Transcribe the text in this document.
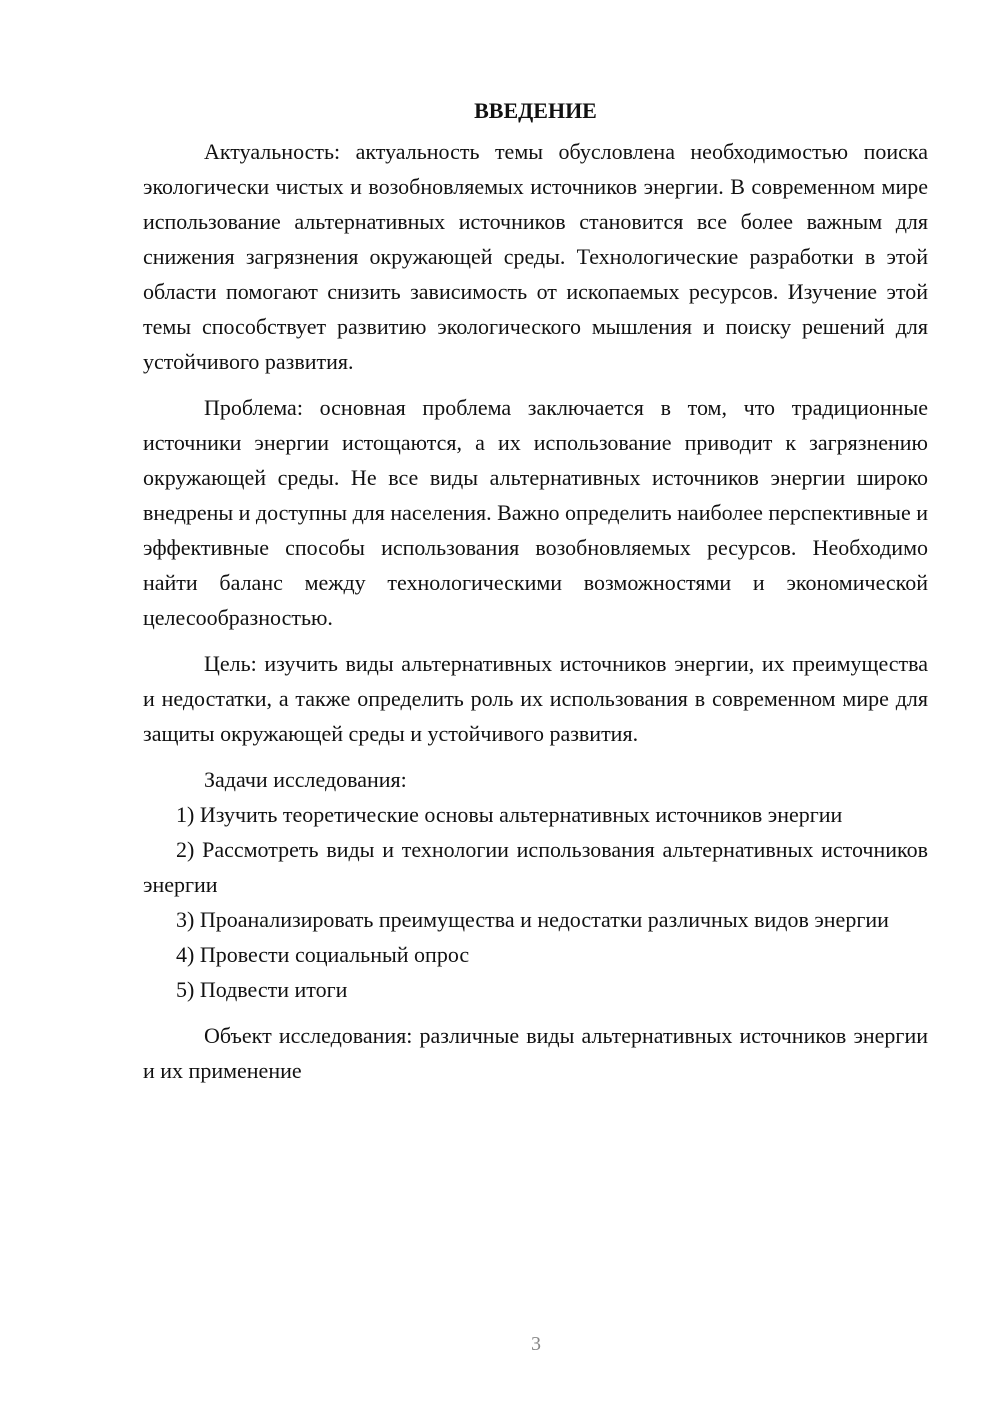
ВВЕДЕНИЕ

Актуальность: актуальность темы обусловлена необходимостью поиска экологически чистых и возобновляемых источников энергии. В современном мире использование альтернативных источников становится все более важным для снижения загрязнения окружающей среды. Технологические разработки в этой области помогают снизить зависимость от ископаемых ресурсов. Изучение этой темы способствует развитию экологического мышления и поиску решений для устойчивого развития.

Проблема: основная проблема заключается в том, что традиционные источники энергии истощаются, а их использование приводит к загрязнению окружающей среды. Не все виды альтернативных источников энергии широко внедрены и доступны для населения. Важно определить наиболее перспективные и эффективные способы использования возобновляемых ресурсов. Необходимо найти баланс между технологическими возможностями и экономической целесообразностью.

Цель: изучить виды альтернативных источников энергии, их преимущества и недостатки, а также определить роль их использования в современном мире для защиты окружающей среды и устойчивого развития.

Задачи исследования:

1) Изучить теоретические основы альтернативных источников энергии

2) Рассмотреть виды и технологии использования альтернативных источников энергии

3) Проанализировать преимущества и недостатки различных видов энергии

4) Провести социальный опрос

5) Подвести итоги

Объект исследования: различные виды альтернативных источников энергии и их применение

3
